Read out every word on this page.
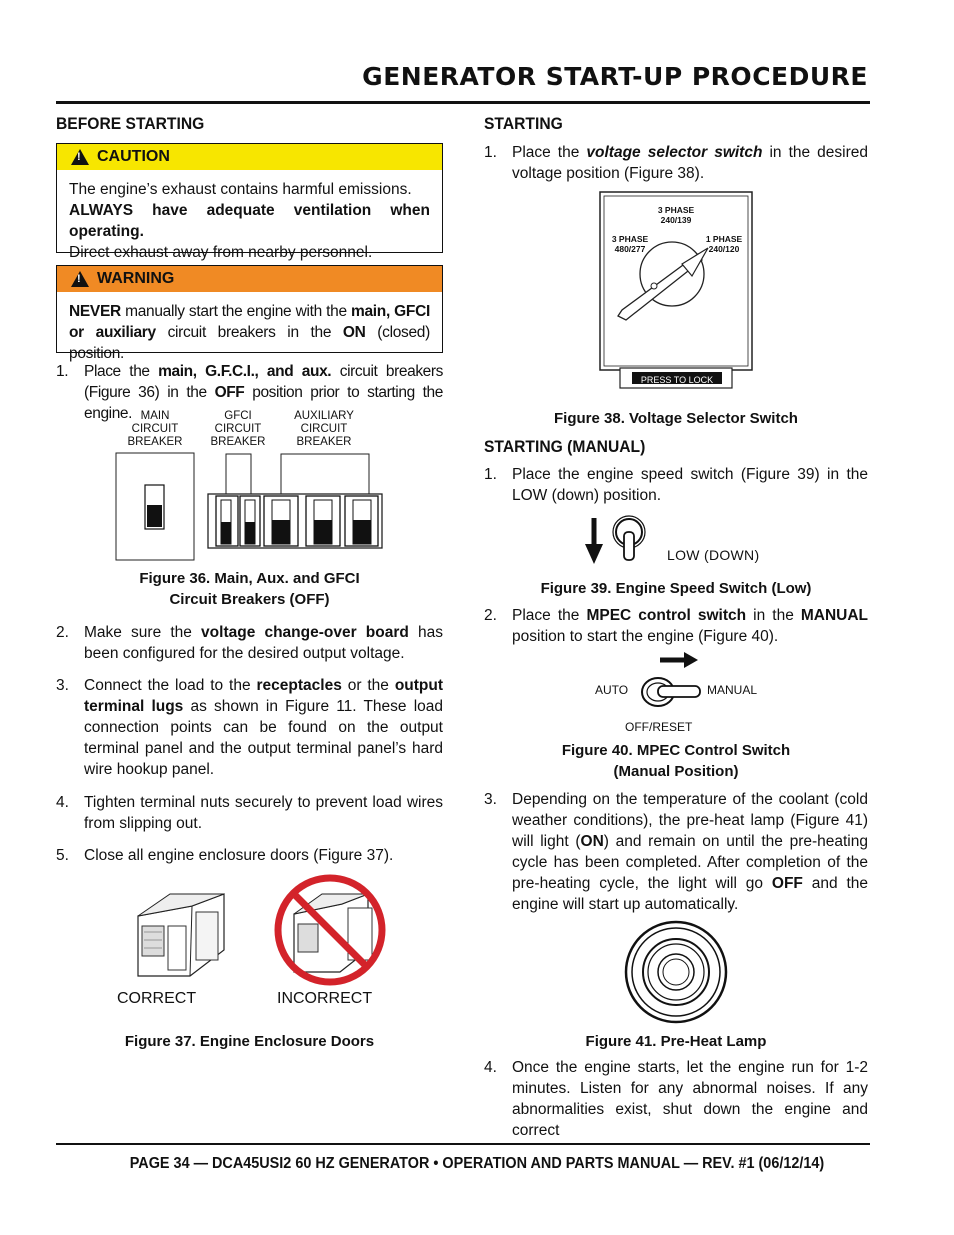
GENERATOR START-UP PROCEDURE
BEFORE STARTING
! CAUTION
The engine’s exhaust contains harmful emissions.
ALWAYS have adequate ventilation when operating.
Direct exhaust away from nearby personnel.
! WARNING
NEVER manually start the engine with the main, GFCI or auxiliary circuit breakers in the ON (closed) position.
1. Place the main, G.F.C.I., and aux. circuit breakers (Figure 36) in the OFF position prior to starting the engine. MAIN
CIRCUIT
BREAKER
GFCI
CIRCUIT
BREAKER
AUXILIARY
CIRCUIT
BREAKER
Figure 36. Main, Aux. and GFCI
Circuit Breakers (OFF)
2. Make sure the voltage change-over board has been configured for the desired output voltage.
3. Connect the load to the receptacles or the output terminal lugs as shown in Figure 11. These load connection points can be found on the output terminal panel and the output terminal panel’s hard wire hookup panel.
4. Tighten terminal nuts securely to prevent load wires from slipping out.
5. Close all engine enclosure doors (Figure 37).
CORRECT	INCORRECT
Figure 37. Engine Enclosure Doors
STARTING
1. Place the voltage selector switch in the desired voltage position (Figure 38).
3 PHASE
240/139
3 PHASE
480/277
1 PHASE
240/120
PRESS TO LOCK
Figure 38. Voltage Selector Switch
STARTING (MANUAL)
1. Place the engine speed switch (Figure 39) in the LOW (down) position.
LOW (DOWN)
Figure 39. Engine Speed Switch (Low)
2. Place the MPEC control switch in the MANUAL position to start the engine (Figure 40).
AUTO	MANUAL
OFF/RESET
Figure 40. MPEC Control Switch
(Manual Position)
3. Depending on the temperature of the coolant (cold weather conditions), the pre-heat lamp (Figure 41) will light (ON) and remain on until the pre-heating cycle has been completed. After completion of the pre-heating cycle, the light will go OFF and the engine will start up automatically.
Figure 41. Pre-Heat Lamp
4. Once the engine starts, let the engine run for 1-2 minutes. Listen for any abnormal noises. If any abnormalities exist, shut down the engine and correct
PAGE 34 — DCA45USI2 60 HZ GENERATOR • OPERATION AND PARTS MANUAL — REV. #1 (06/12/14)
